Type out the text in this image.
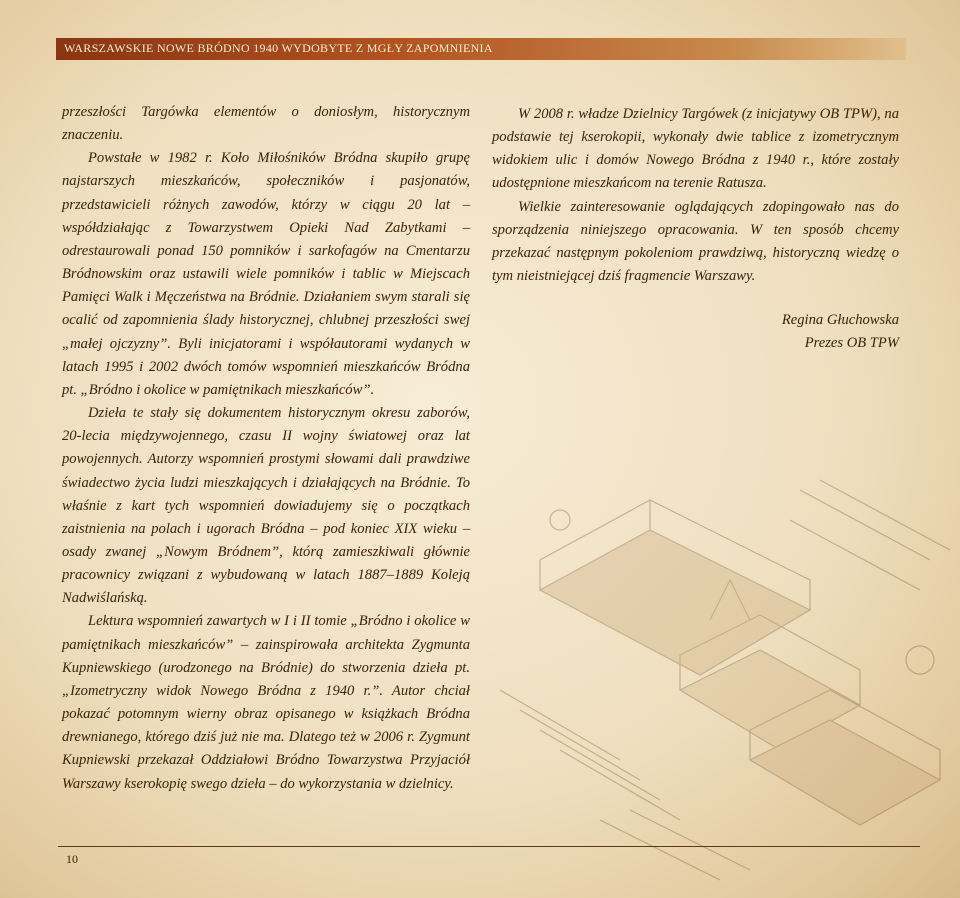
WARSZAWSKIE NOWE BRÓDNO 1940 WYDOBYTE Z MGŁY ZAPOMNIENIA

przeszłości Targówka elementów o doniosłym, historycznym znaczeniu.

Powstałe w 1982 r. Koło Miłośników Bródna skupiło grupę najstarszych mieszkańców, społeczników i pasjonatów, przedstawicieli różnych zawodów, którzy w ciągu 20 lat – współdziałając z Towarzystwem Opieki Nad Zabytkami – odrestaurowali ponad 150 pomników i sarkofagów na Cmentarzu Bródnowskim oraz ustawili wiele pomników i tablic w Miejscach Pamięci Walk i Męczeństwa na Bródnie. Działaniem swym starali się ocalić od zapomnienia ślady historycznej, chlubnej przeszłości swej „małej ojczyzny”. Byli inicjatorami i współautorami wydanych w latach 1995 i 2002 dwóch tomów wspomnień mieszkańców Bródna pt. „Bródno i okolice w pamiętnikach mieszkańców”.

Dzieła te stały się dokumentem historycznym okresu zaborów, 20-lecia międzywojennego, czasu II wojny światowej oraz lat powojennych. Autorzy wspomnień prostymi słowami dali prawdziwe świadectwo życia ludzi mieszkających i działających na Bródnie. To właśnie z kart tych wspomnień dowiadujemy się o początkach zaistnienia na polach i ugorach Bródna – pod koniec XIX wieku – osady zwanej „Nowym Bródnem”, którą zamieszkiwali głównie pracownicy związani z wybudowaną w latach 1887–1889 Koleją Nadwiślańską.

Lektura wspomnień zawartych w I i II tomie „Bródno i okolice w pamiętnikach mieszkańców” – zainspirowała architekta Zygmunta Kupniewskiego (urodzonego na Bródnie) do stworzenia dzieła pt. „Izometryczny widok Nowego Bródna z 1940 r.”. Autor chciał pokazać potomnym wierny obraz opisanego w książkach Bródna drewnianego, którego dziś już nie ma. Dlatego też w 2006 r. Zygmunt Kupniewski przekazał Oddziałowi Bródno Towarzystwa Przyjaciół Warszawy kserokopię swego dzieła – do wykorzystania w dzielnicy.

W 2008 r. władze Dzielnicy Targówek (z inicjatywy OB TPW), na podstawie tej kserokopii, wykonały dwie tablice z izometrycznym widokiem ulic i domów Nowego Bródna z 1940 r., które zostały udostępnione mieszkańcom na terenie Ratusza.

Wielkie zainteresowanie oglądających zdopingowało nas do sporządzenia niniejszego opracowania. W ten sposób chcemy przekazać następnym pokoleniom prawdziwą, historyczną wiedzę o tym nieistniejącej dziś fragmencie Warszawy.

Regina Głuchowska

Prezes OB TPW

10
